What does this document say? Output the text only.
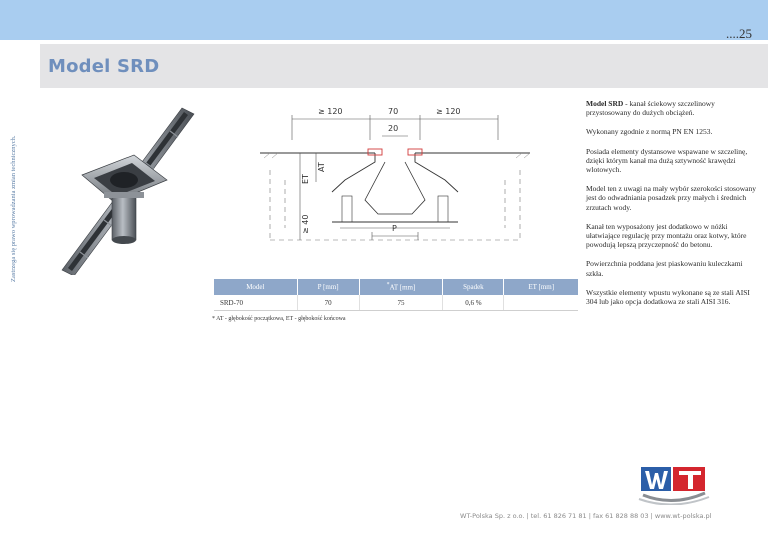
....25
Zastrzega się prawo wprowadzania zmian technicznych.
Model SRD
≥ 120	70	≥ 120
20
ET
AT
≥ 40	P
Model	P [mm]	*AT [mm]	Spadek	ET [mm]
SRD-70	70	75	0,6 %	
* AT - głębokość początkowa, ET - głębokość końcowa

Model SRD - kanał ściekowy szczelinowy przystosowany do dużych obciążeń.

Wykonany zgodnie z normą PN EN 1253.

Posiada elementy dystansowe wspawane w szczelinę, dzięki którym kanał ma dużą sztywność krawędzi wlotowych.

Model ten z uwagi na mały wybór szerokości stosowany jest do odwadniania posadzek przy małych i średnich zrzutach wody.

Kanał ten wyposażony jest dodatkowo w nóżki ułatwiające regulację przy montażu oraz kotwy, które powodują lepszą przyczepność do betonu.

Powierzchnia poddana jest piaskowaniu kuleczkami szkła.

Wszystkie elementy wpustu wykonane są ze stali AISI 304 lub jako opcja dodatkowa ze stali AISI 316.

WT-Polska Sp. z o.o. | tel. 61 826 71 81 | fax 61 828 88 03 | www.wt-polska.pl
